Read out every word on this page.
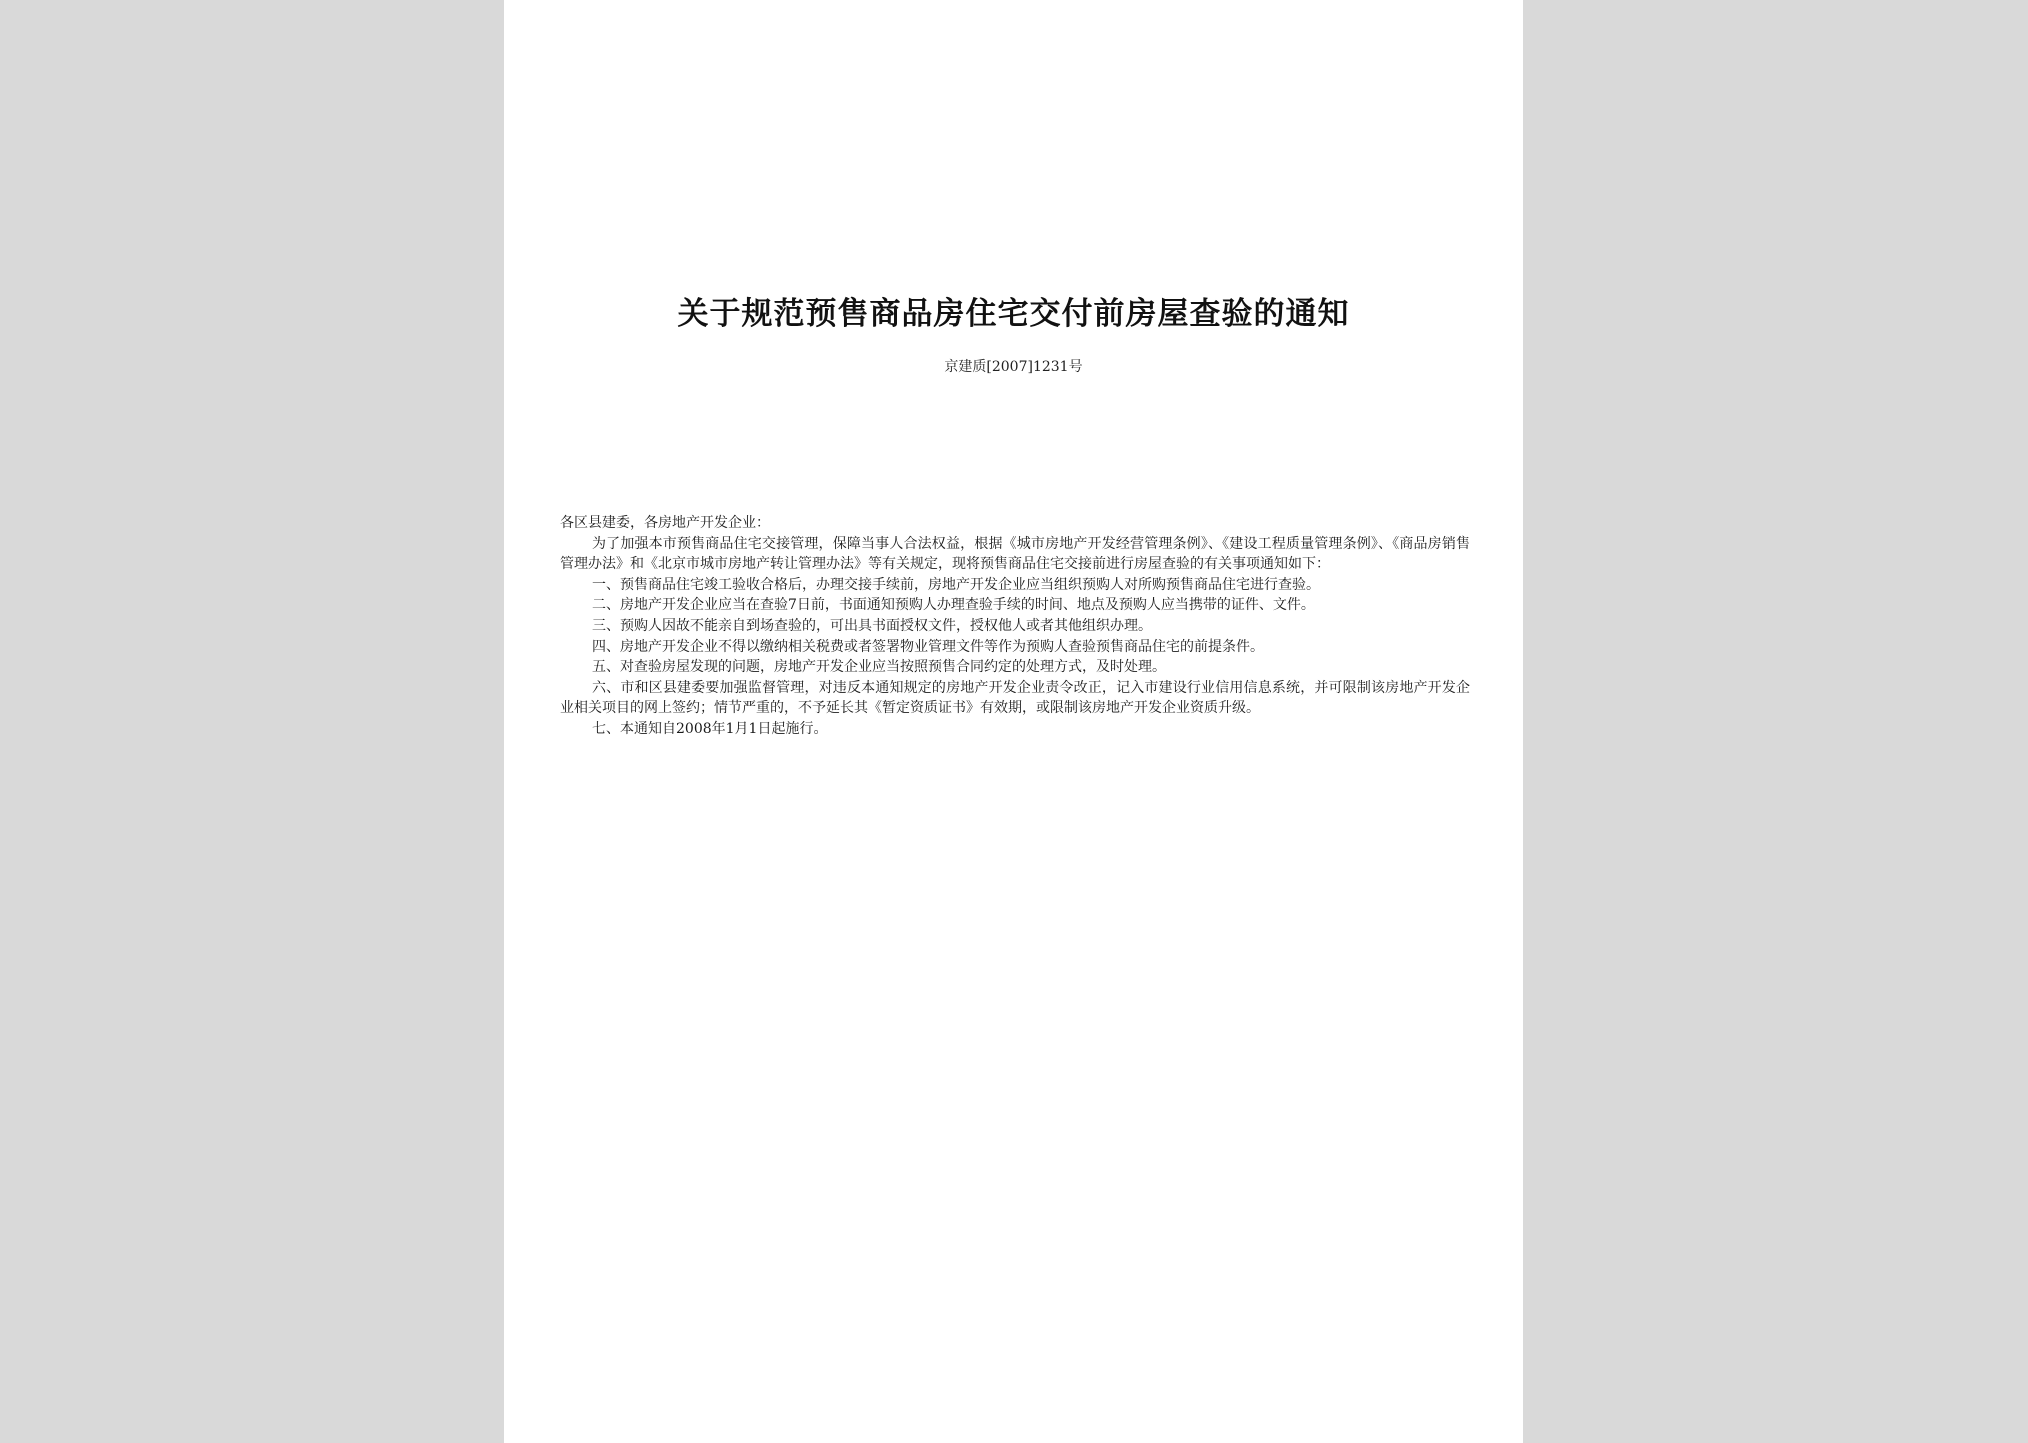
关于规范预售商品房住宅交付前房屋查验的通知
京建质[2007]1231号

各区县建委，各房地产开发企业：

为了加强本市预售商品住宅交接管理，保障当事人合法权益，根据《城市房地产开发经营管理条例》、《建设工程质量管理条例》、《商品房销售管理办法》和《北京市城市房地产转让管理办法》等有关规定，现将预售商品住宅交接前进行房屋查验的有关事项通知如下：

一、预售商品住宅竣工验收合格后，办理交接手续前，房地产开发企业应当组织预购人对所购预售商品住宅进行查验。

二、房地产开发企业应当在查验7日前，书面通知预购人办理查验手续的时间、地点及预购人应当携带的证件、文件。

三、预购人因故不能亲自到场查验的，可出具书面授权文件，授权他人或者其他组织办理。

四、房地产开发企业不得以缴纳相关税费或者签署物业管理文件等作为预购人查验预售商品住宅的前提条件。

五、对查验房屋发现的问题，房地产开发企业应当按照预售合同约定的处理方式，及时处理。

六、市和区县建委要加强监督管理，对违反本通知规定的房地产开发企业责令改正，记入市建设行业信用信息系统，并可限制该房地产开发企业相关项目的网上签约；情节严重的，不予延长其《暂定资质证书》有效期，或限制该房地产开发企业资质升级。

七、本通知自2008年1月1日起施行。
